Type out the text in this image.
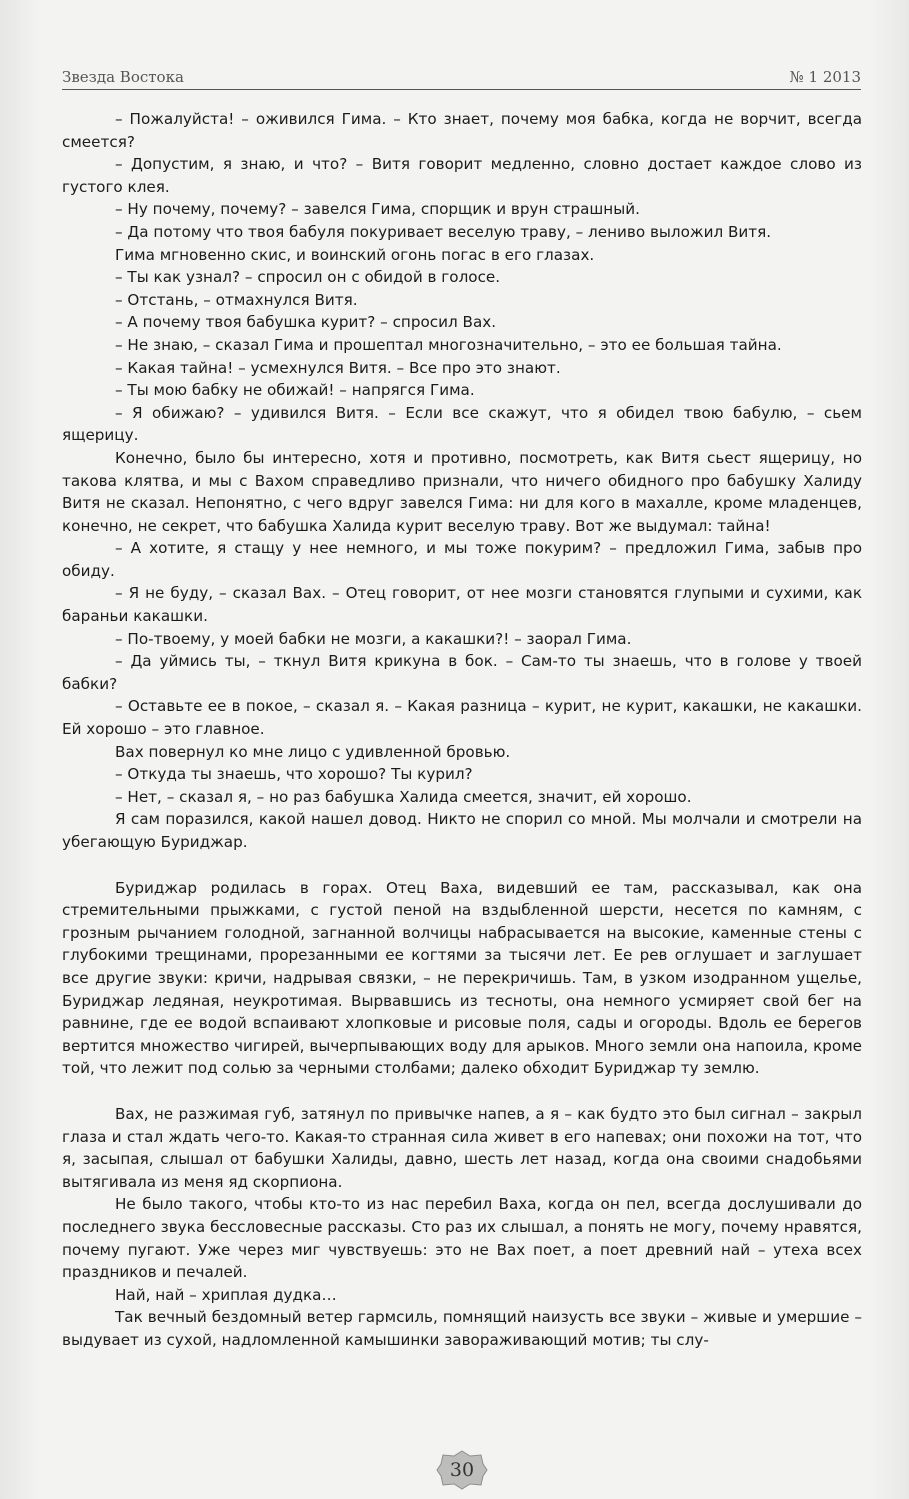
Звезда Востока	№ 1 2013

– Пожалуйста! – оживился Гима. – Кто знает, почему моя бабка, когда не ворчит, всегда смеется?

– Допустим, я знаю, и что? – Витя говорит медленно, словно достает каждое слово из густого клея.

– Ну почему, почему? – завелся Гима, спорщик и врун страшный.

– Да потому что твоя бабуля покуривает веселую траву, – лениво выложил Витя.

Гима мгновенно скис, и воинский огонь погас в его глазах.

– Ты как узнал? – спросил он с обидой в голосе.

– Отстань, – отмахнулся Витя.

– А почему твоя бабушка курит? – спросил Вах.

– Не знаю, – сказал Гима и прошептал многозначительно, – это ее большая тайна.

– Какая тайна! – усмехнулся Витя. – Все про это знают.

– Ты мою бабку не обижай! – напрягся Гима.

– Я обижаю? – удивился Витя. – Если все скажут, что я обидел твою бабулю, – сьем ящерицу.

Конечно, было бы интересно, хотя и противно, посмотреть, как Витя сьест ящерицу, но такова клятва, и мы с Вахом справедливо признали, что ничего обидного про бабушку Халиду Витя не сказал. Непонятно, с чего вдруг завелся Гима: ни для кого в махалле, кроме младенцев, конечно, не секрет, что бабушка Халида курит веселую траву. Вот же выдумал: тайна!

– А хотите, я стащу у нее немного, и мы тоже покурим? – предложил Гима, забыв про обиду.

– Я не буду, – сказал Вах. – Отец говорит, от нее мозги становятся глупыми и сухими, как бараньи какашки.

– По-твоему, у моей бабки не мозги, а какашки?! – заорал Гима.

– Да уймись ты, – ткнул Витя крикуна в бок. – Сам-то ты знаешь, что в голове у твоей бабки?

– Оставьте ее в покое, – сказал я. – Какая разница – курит, не курит, какашки, не какашки. Ей хорошо – это главное.

Вах повернул ко мне лицо с удивленной бровью.

– Откуда ты знаешь, что хорошо? Ты курил?

– Нет, – сказал я, – но раз бабушка Халида смеется, значит, ей хорошо.

Я сам поразился, какой нашел довод. Никто не спорил со мной. Мы молчали и смотрели на убегающую Буриджар.

Буриджар родилась в горах. Отец Ваха, видевший ее там, рассказывал, как она стремительными прыжками, с густой пеной на вздыбленной шерсти, несется по камням, с грозным рычанием голодной, загнанной волчицы набрасывается на высокие, каменные стены с глубокими трещинами, прорезанными ее когтями за тысячи лет. Ее рев оглушает и заглушает все другие звуки: кричи, надрывая связки, – не перекричишь. Там, в узком изодранном ущелье, Буриджар ледяная, неукротимая. Вырвавшись из тесноты, она немного усмиряет свой бег на равнине, где ее водой вспаивают хлопковые и рисовые поля, сады и огороды. Вдоль ее берегов вертится множество чигирей, вычерпывающих воду для арыков. Много земли она напоила, кроме той, что лежит под солью за черными столбами; далеко обходит Буриджар ту землю.

Вах, не разжимая губ, затянул по привычке напев, а я – как будто это был сигнал – закрыл глаза и стал ждать чего-то. Какая-то странная сила живет в его напевах; они похожи на тот, что я, засыпая, слышал от бабушки Халиды, давно, шесть лет назад, когда она своими снадобьями вытягивала из меня яд скорпиона.

Не было такого, чтобы кто-то из нас перебил Ваха, когда он пел, всегда дослушивали до последнего звука бессловесные рассказы. Сто раз их слышал, а понять не могу, почему нравятся, почему пугают. Уже через миг чувствуешь: это не Вах поет, а поет древний най – утеха всех праздников и печалей.

Най, най – хриплая дудка…

Так вечный бездомный ветер гармсиль, помнящий наизусть все звуки – живые и умершие – выдувает из сухой, надломленной камышинки завораживающий мотив; ты слу-

30
